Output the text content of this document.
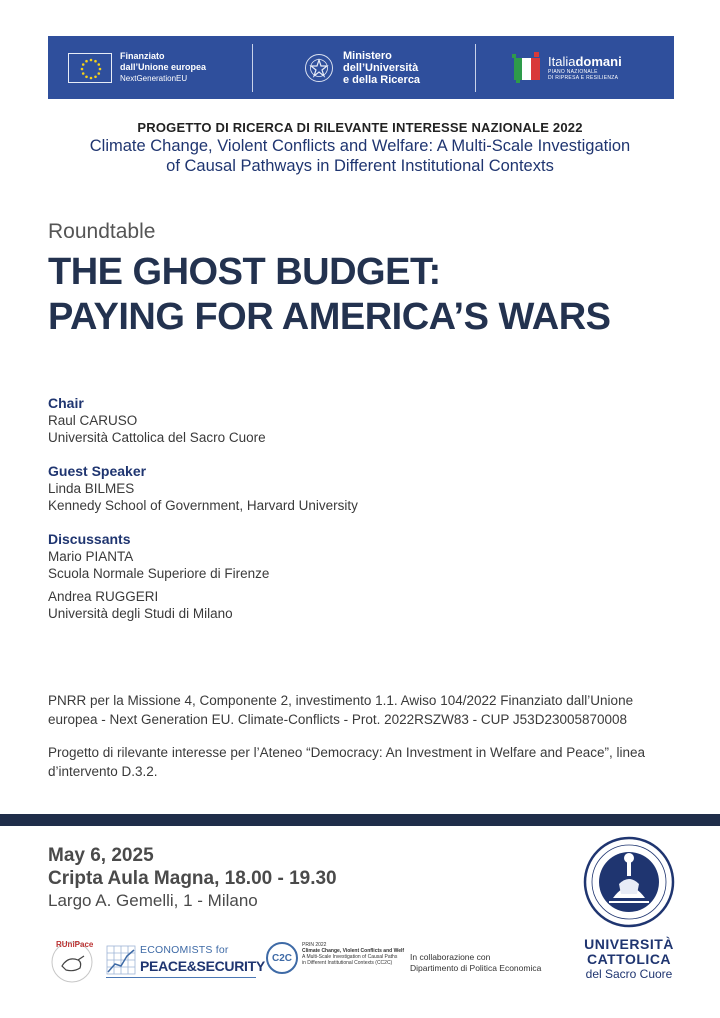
Finanziato
dall’Unione europea
NextGenerationEU
Ministero
dell’Università
e della Ricerca
Italiadomani
PIANO NAZIONALE
DI RIPRESA E RESILIENZA
PROGETTO DI RICERCA DI RILEVANTE INTERESSE NAZIONALE 2022
Climate Change, Violent Conflicts and Welfare: A Multi-Scale Investigation
of Causal Pathways in Different Institutional Contexts
Roundtable
THE GHOST BUDGET:
PAYING FOR AMERICA’S WARS
Chair
Raul CARUSO
Università Cattolica del Sacro Cuore
Guest Speaker
Linda BILMES
Kennedy School of Government, Harvard University
Discussants
Mario PIANTA
Scuola Normale Superiore di Firenze
Andrea RUGGERI
Università degli Studi di Milano
PNRR per la Missione 4, Componente 2, investimento 1.1. Awiso 104/2022 Finanziato dall’Unione
europea - Next Generation EU. Climate-Conflicts - Prot. 2022RSZW83 - CUP J53D23005870008
Progetto di rilevante interesse per l’Ateneo “Democracy: An Investment in Welfare and Peace”, linea
d’intervento D.3.2.
May 6, 2025
Cripta Aula Magna, 18.00 - 19.30
Largo A. Gemelli, 1 - Milano
UNIVERSITÀ
CATTOLICA
del Sacro Cuore
RUniPace	ECONOMISTS for
PEACE&SECURITY C2C
PRIN 2022
Climate Change, Violent Conflicts and Welf
A Multi-Scale Investigation of Causal Paths
in Different Institutional Contexts (CC2C)
In collaborazione con
Dipartimento di Politica Economica
